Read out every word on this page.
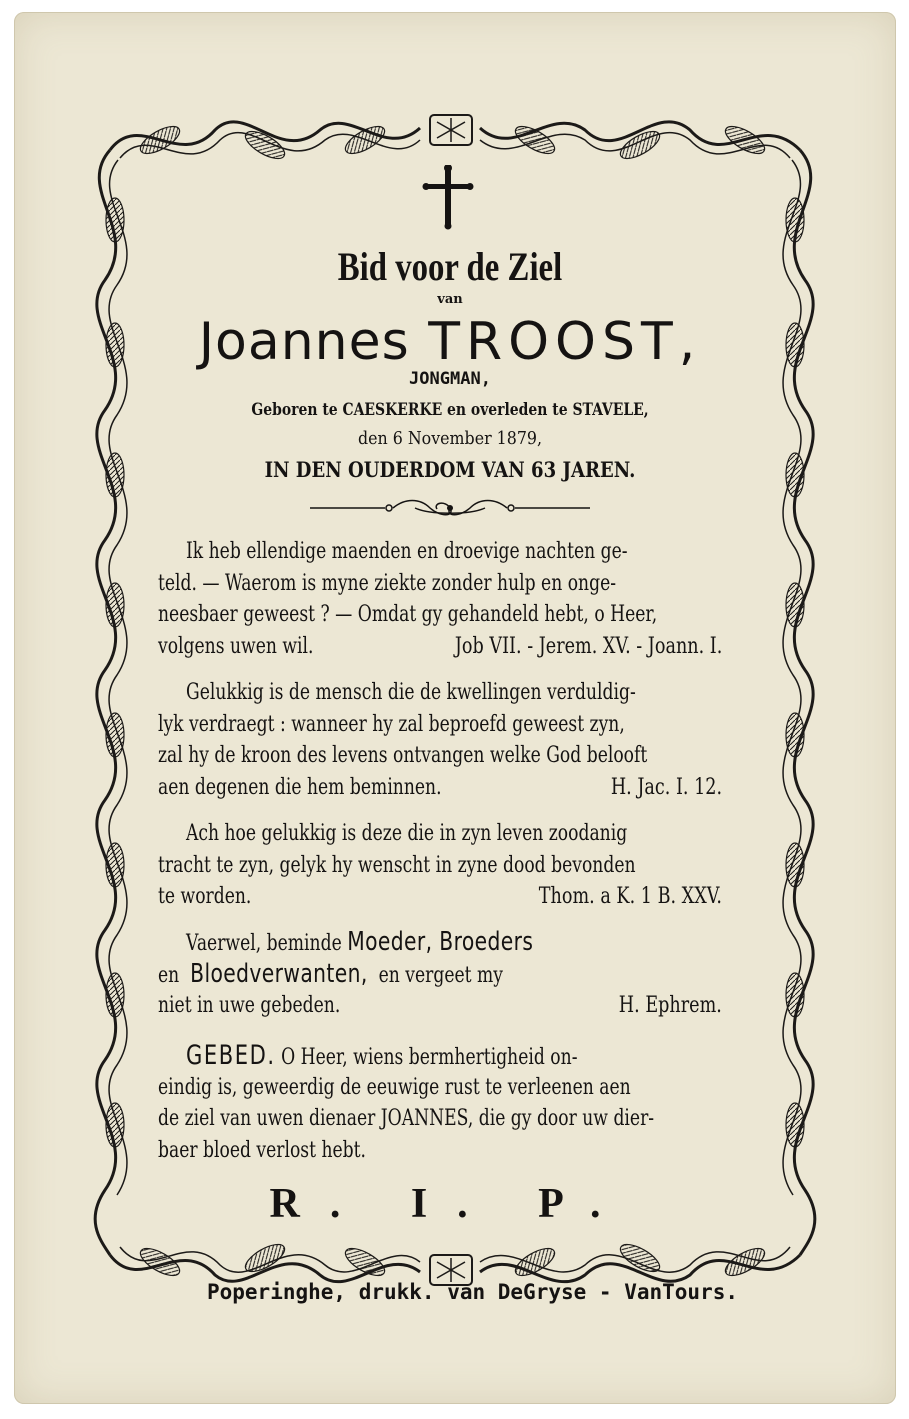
Bid voor de Ziel
van
Joannes TROOST,
JONGMAN,
Geboren te CAESKERKE en overleden te STAVELE,
den 6 November 1879,
IN DEN OUDERDOM VAN 63 JAREN.
Ik heb ellendige maenden en droevige nachten ge-
teld. — Waerom is myne ziekte zonder hulp en onge-
neesbaer geweest ? — Omdat gy gehandeld hebt, o Heer,
volgens uwen wil.	Job VII. - Jerem. XV. - Joann. I.
Gelukkig is de mensch die de kwellingen verduldig-
lyk verdraegt : wanneer hy zal beproefd geweest zyn,
zal hy de kroon des levens ontvangen welke God belooft
aen degenen die hem beminnen.	H. Jac. I. 12.
Ach hoe gelukkig is deze die in zyn leven zoodanig
tracht te zyn, gelyk hy wenscht in zyne dood bevonden
te worden.	Thom. a K. 1 B. XXV.
Vaerwel, beminde Moeder, Broeders
en Bloedverwanten, en vergeet my
niet in uwe gebeden.	H. Ephrem.
GEBED. O Heer, wiens bermhertigheid on-
eindig is, geweerdig de eeuwige rust te verleenen aen
de ziel van uwen dienaer JOANNES, die gy door uw dier-
baer bloed verlost hebt.
R. I. P.
Poperinghe, drukk. van DeGryse - VanTours.
